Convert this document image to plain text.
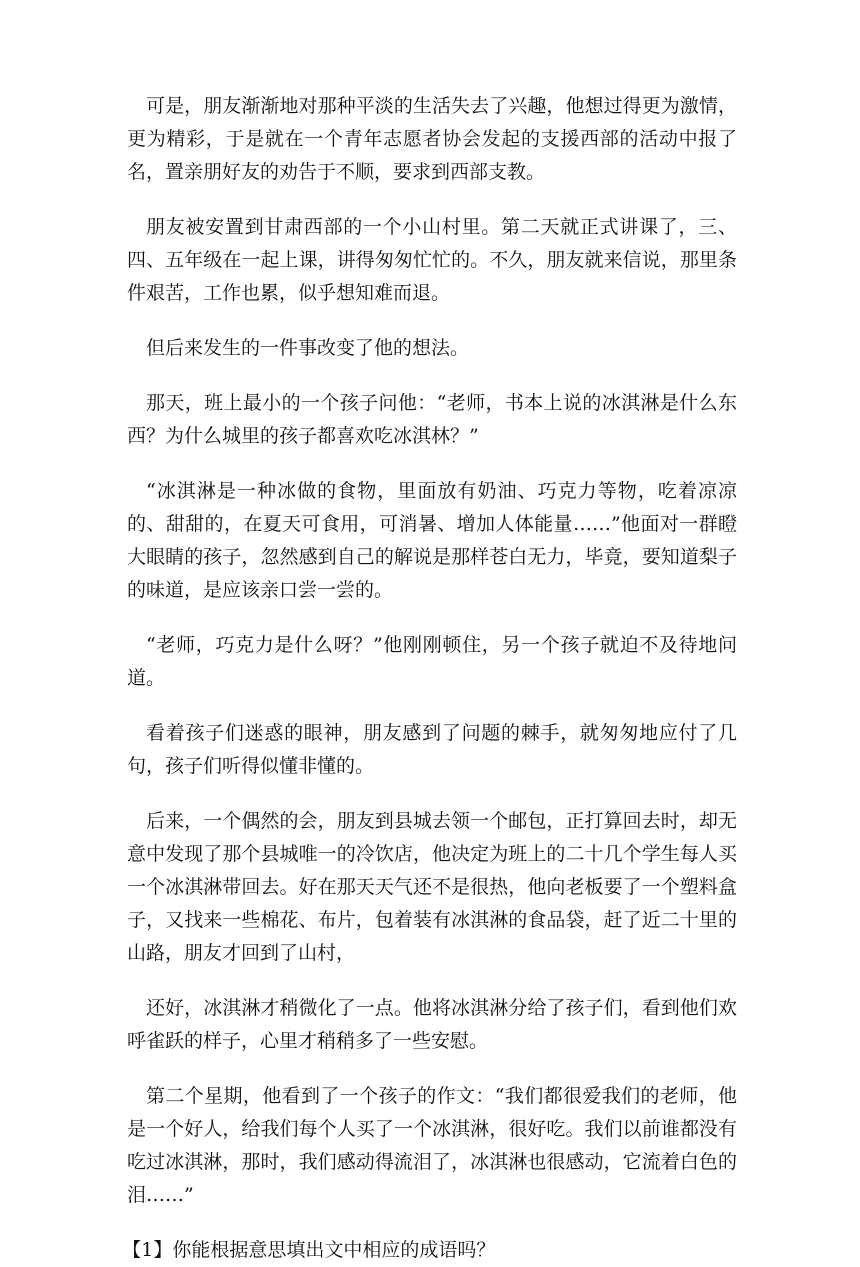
可是，朋友渐渐地对那种平淡的生活失去了兴趣，他想过得更为激情，更为精彩，于是就在一个青年志愿者协会发起的支援西部的活动中报了名，置亲朋好友的劝告于不顺，要求到西部支教。

朋友被安置到甘肃西部的一个小山村里。第二天就正式讲课了，三、四、五年级在一起上课，讲得匆匆忙忙的。不久，朋友就来信说，那里条件艰苦，工作也累，似乎想知难而退。

但后来发生的一件事改变了他的想法。

那天，班上最小的一个孩子问他：“老师，书本上说的冰淇淋是什么东西？为什么城里的孩子都喜欢吃冰淇林？”

“冰淇淋是一种冰做的食物，里面放有奶油、巧克力等物，吃着凉凉的、甜甜的，在夏天可食用，可消暑、增加人体能量……”他面对一群瞪大眼睛的孩子，忽然感到自己的解说是那样苍白无力，毕竟，要知道梨子的味道，是应该亲口尝一尝的。

“老师，巧克力是什么呀？”他刚刚顿住，另一个孩子就迫不及待地问道。

看着孩子们迷惑的眼神，朋友感到了问题的棘手，就匆匆地应付了几句，孩子们听得似懂非懂的。

后来，一个偶然的会，朋友到县城去领一个邮包，正打算回去时，却无意中发现了那个县城唯一的冷饮店，他决定为班上的二十几个学生每人买一个冰淇淋带回去。好在那天天气还不是很热，他向老板要了一个塑料盒子，又找来一些棉花、布片，包着装有冰淇淋的食品袋，赶了近二十里的山路，朋友才回到了山村，

还好，冰淇淋才稍微化了一点。他将冰淇淋分给了孩子们，看到他们欢呼雀跃的样子，心里才稍稍多了一些安慰。

第二个星期，他看到了一个孩子的作文：“我们都很爱我们的老师，他是一个好人，给我们每个人买了一个冰淇淋，很好吃。我们以前谁都没有吃过冰淇淋，那时，我们感动得流泪了，冰淇淋也很感动，它流着白色的泪……”

【1】你能根据意思填出文中相应的成语吗？
